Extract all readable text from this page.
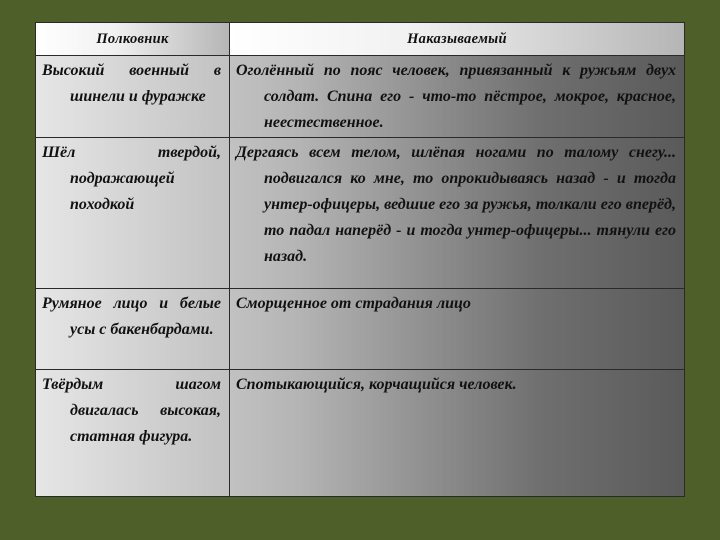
Полковник	Наказываемый
Высокий военный в шинели и фуражке
Оголённый по пояс человек, привязанный к ружьям двух солдат. Спина его - что-то пёстрое, мокрое, красное, неестественное.
Шёл твердой, подражающей походкой
Дергаясь всем телом, шлёпая ногами по талому снегу... подвигался ко мне, то опрокидываясь назад - и тогда унтер-офицеры, ведшие его за ружья, толкали его вперёд, то падал наперёд - и тогда унтер-офицеры... тянули его назад.
Румяное лицо и белые усы с бакенбардами.
Сморщенное от страдания лицо
Твёрдым шагом двигалась высокая, статная фигура.
Спотыкающийся, корчащийся человек.
